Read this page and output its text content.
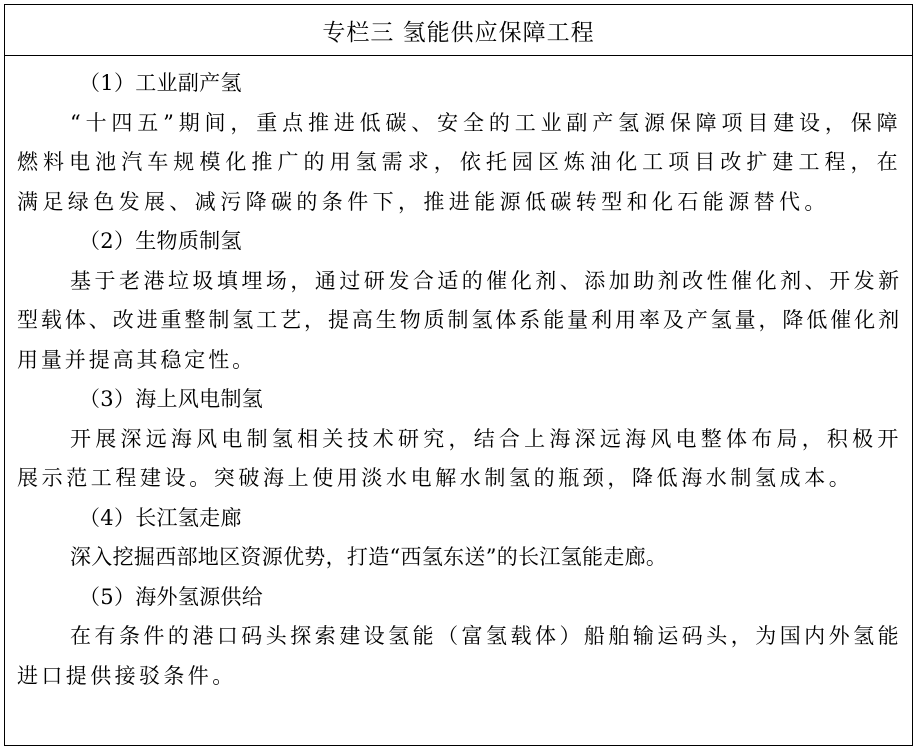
专栏三 氢能供应保障工程

（1）工业副产氢

“十四五”期间，重点推进低碳、安全的工业副产氢源保障项目建设，保障燃料电池汽车规模化推广的用氢需求，依托园区炼油化工项目改扩建工程，在满足绿色发展、减污降碳的条件下，推进能源低碳转型和化石能源替代。

（2）生物质制氢

基于老港垃圾填埋场，通过研发合适的催化剂、添加助剂改性催化剂、开发新型载体、改进重整制氢工艺，提高生物质制氢体系能量利用率及产氢量，降低催化剂用量并提高其稳定性。

（3）海上风电制氢

开展深远海风电制氢相关技术研究，结合上海深远海风电整体布局，积极开展示范工程建设。突破海上使用淡水电解水制氢的瓶颈，降低海水制氢成本。

（4）长江氢走廊

深入挖掘西部地区资源优势，打造“西氢东送”的长江氢能走廊。

（5）海外氢源供给

在有条件的港口码头探索建设氢能（富氢载体）船舶输运码头，为国内外氢能进口提供接驳条件。
